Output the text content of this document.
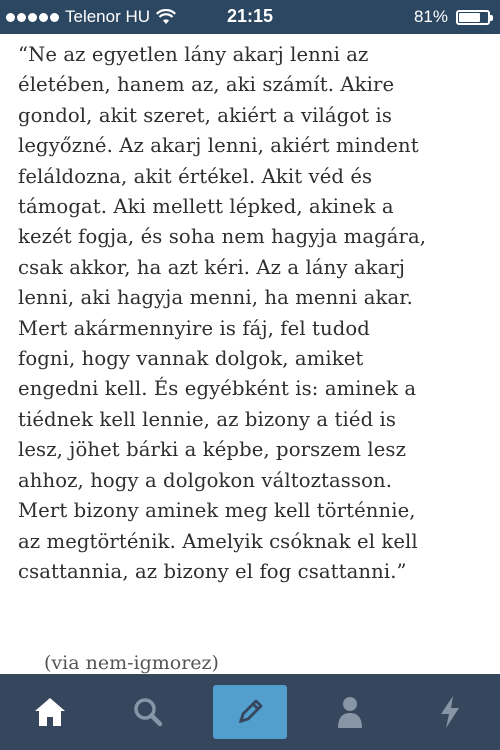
Telenor HU	21:15	81%
“Ne az egyetlen lány akarj lenni az
életében, hanem az, aki számít. Akire
gondol, akit szeret, akiért a világot is
legyőzné. Az akarj lenni, akiért mindent
feláldozna, akit értékel. Akit véd és
támogat. Aki mellett lépked, akinek a
kezét fogja, és soha nem hagyja magára,
csak akkor, ha azt kéri. Az a lány akarj
lenni, aki hagyja menni, ha menni akar.
Mert akármennyire is fáj, fel tudod
fogni, hogy vannak dolgok, amiket
engedni kell. És egyébként is: aminek a
tiédnek kell lennie, az bizony a tiéd is
lesz, jöhet bárki a képbe, porszem lesz
ahhoz, hogy a dolgokon változtasson.
Mert bizony aminek meg kell történnie,
az megtörténik. Amelyik csóknak el kell
csattannia, az bizony el fog csattanni.”
(via nem-igmorez)
